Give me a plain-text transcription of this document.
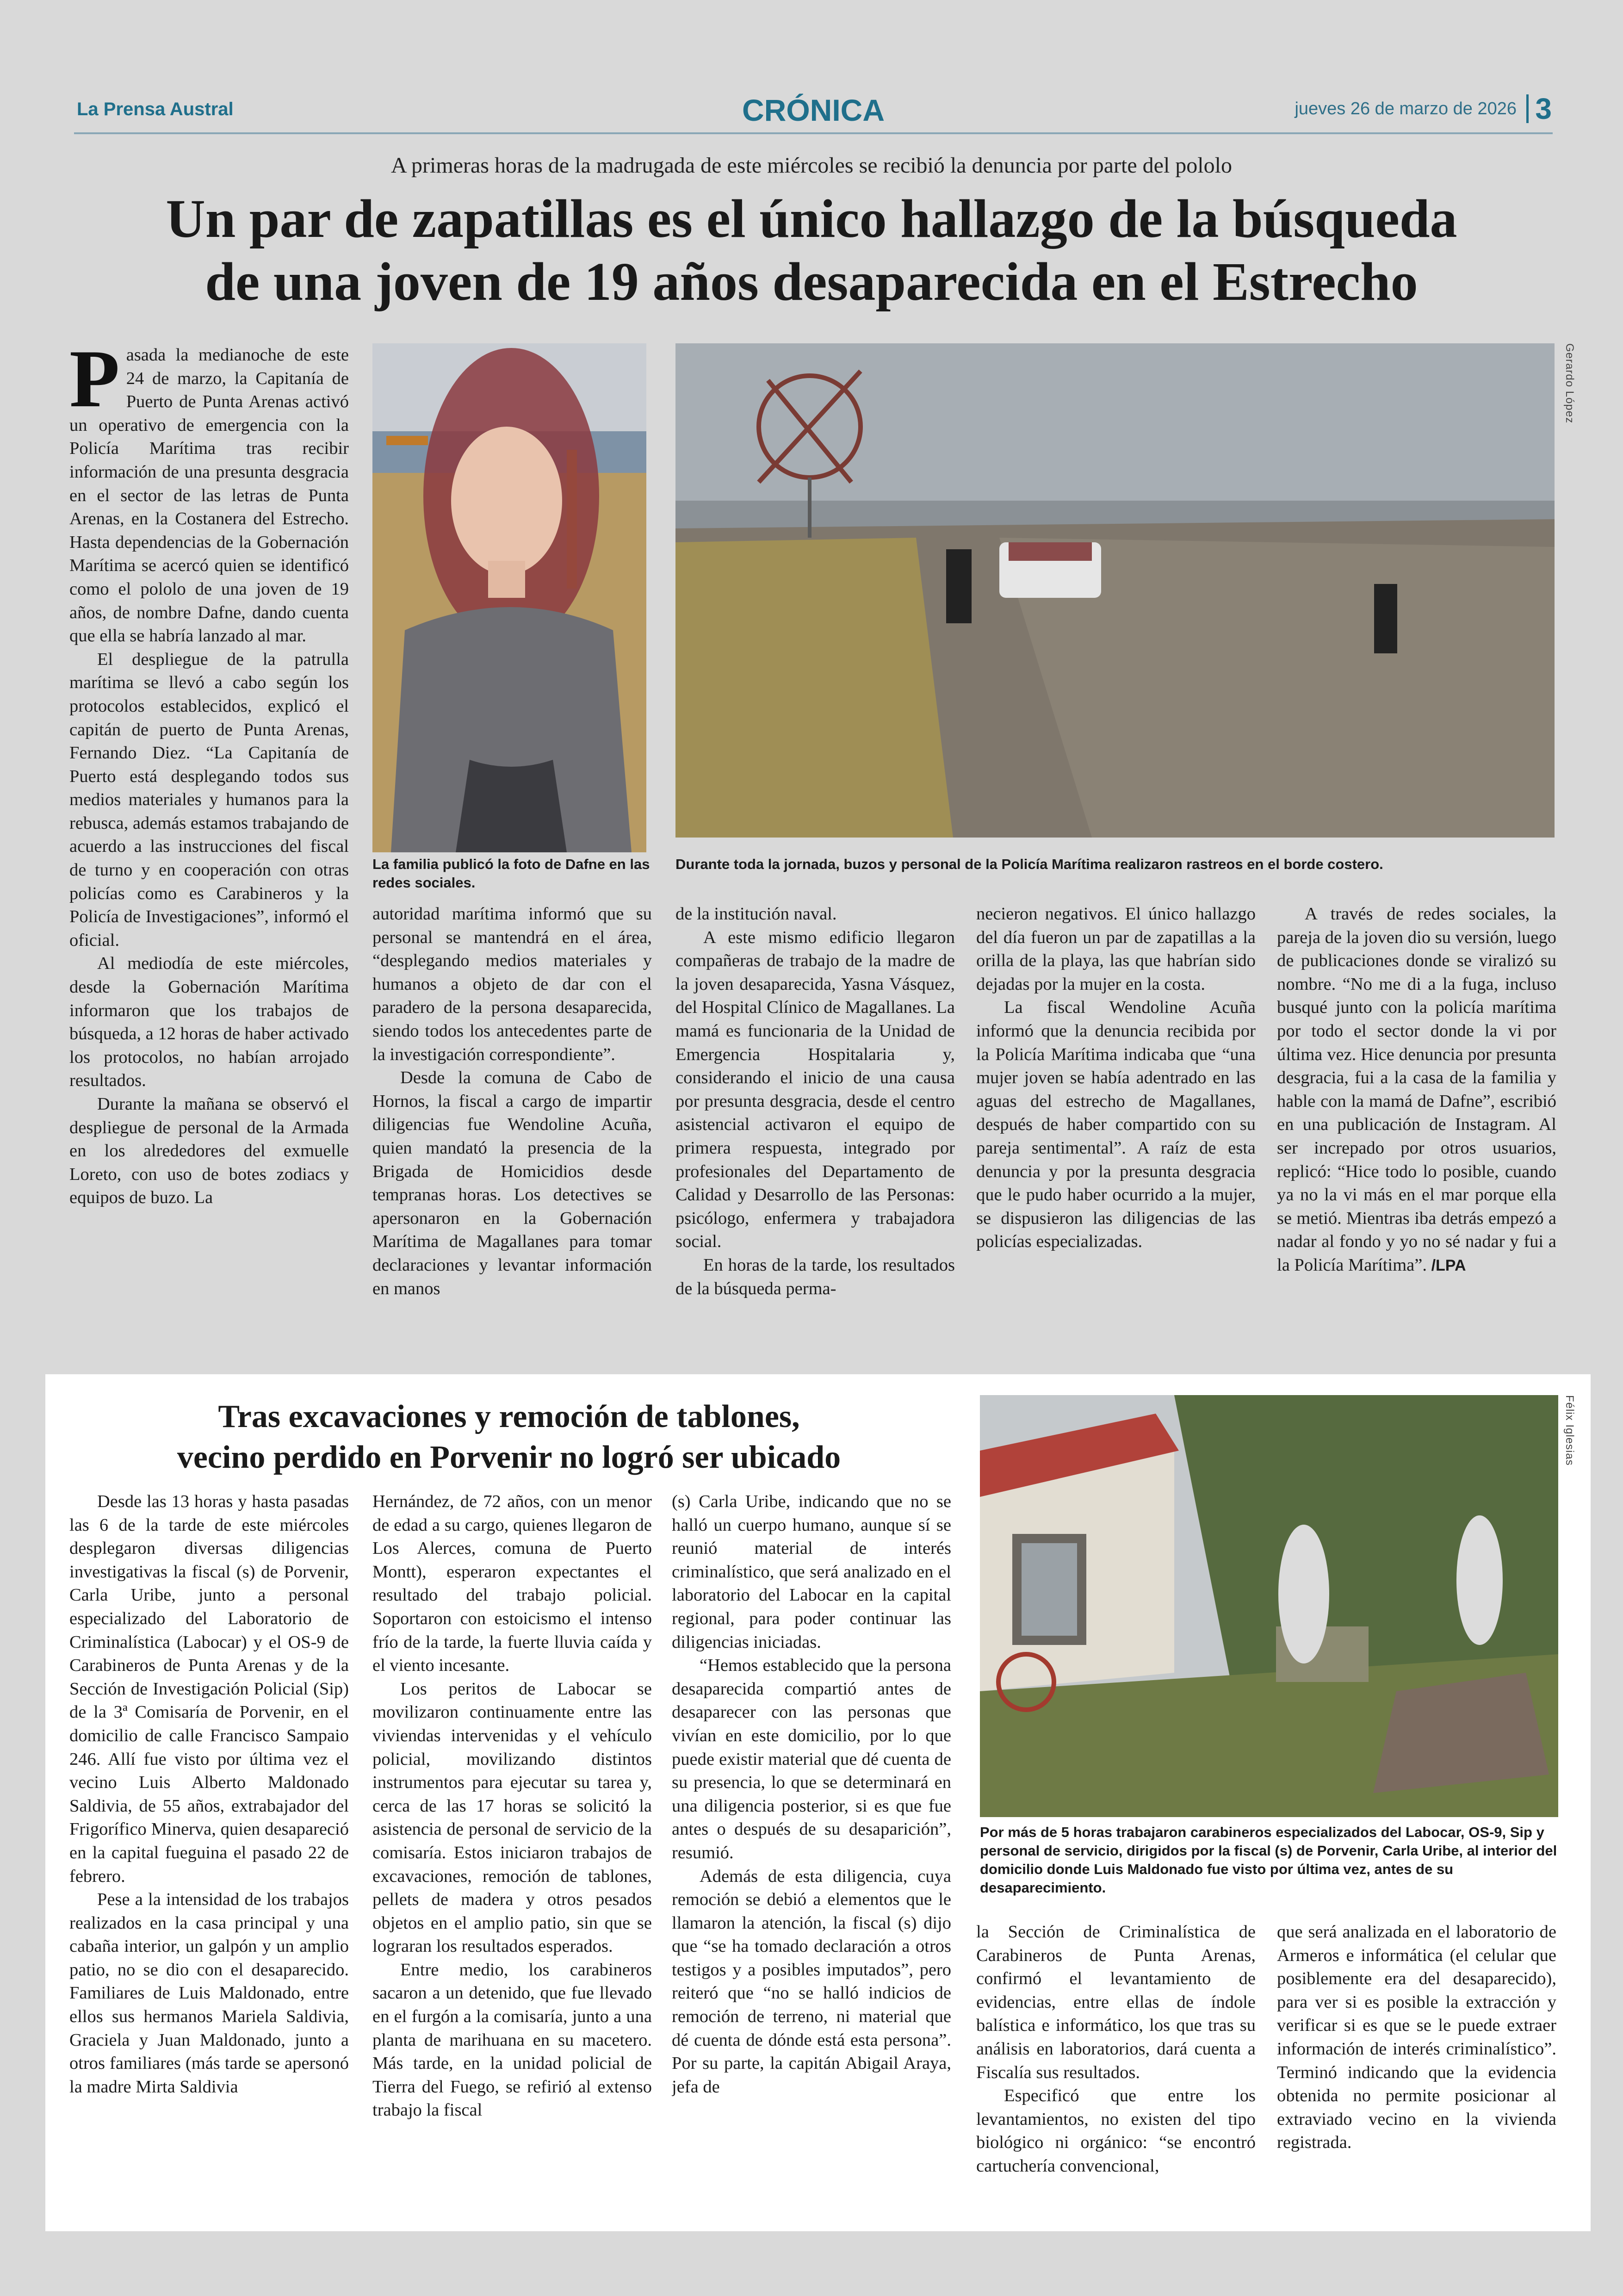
La Prensa Austral	CRÓNICA	jueves 26 de marzo de 2026 3
A primeras horas de la madrugada de este miércoles se recibió la denuncia por parte del pololo
Un par de zapatillas es el único hallazgo de la búsqueda
de una joven de 19 años desaparecida en el Estrecho
La familia publicó la foto de Dafne en las redes sociales.
Gerardo López
Durante toda la jornada, buzos y personal de la Policía Marítima realizaron rastreos en el borde costero.

Pasada la medianoche de este 24 de marzo, la Capitanía de Puerto de Punta Arenas activó un operativo de emergencia con la Policía Marítima tras recibir información de una presunta desgracia en el sector de las letras de Punta Arenas, en la Costanera del Estrecho. Hasta dependencias de la Gobernación Marítima se acercó quien se identificó como el pololo de una joven de 19 años, de nombre Dafne, dando cuenta que ella se habría lanzado al mar.

El despliegue de la patrulla marítima se llevó a cabo según los protocolos establecidos, explicó el capitán de puerto de Punta Arenas, Fernando Diez. “La Capitanía de Puerto está desplegando todos sus medios materiales y humanos para la rebusca, además estamos trabajando de acuerdo a las instrucciones del fiscal de turno y en cooperación con otras policías como es Carabineros y la Policía de Investigaciones”, informó el oficial.

Al mediodía de este miércoles, desde la Gobernación Marítima informaron que los trabajos de búsqueda, a 12 horas de haber activado los protocolos, no habían arrojado resultados.

Durante la mañana se observó el despliegue de personal de la Armada en los alrededores del exmuelle Loreto, con uso de botes zodiacs y equipos de buzo. La

autoridad marítima informó que su personal se mantendrá en el área, “desplegando medios materiales y humanos a objeto de dar con el paradero de la persona desaparecida, siendo todos los antecedentes parte de la investigación correspondiente”.

Desde la comuna de Cabo de Hornos, la fiscal a cargo de impartir diligencias fue Wendoline Acuña, quien mandató la presencia de la Brigada de Homicidios desde tempranas horas. Los detectives se apersonaron en la Gobernación Marítima de Magallanes para tomar declaraciones y levantar información en manos

de la institución naval.

A este mismo edificio llegaron compañeras de trabajo de la madre de la joven desaparecida, Yasna Vásquez, del Hospital Clínico de Magallanes. La mamá es funcionaria de la Unidad de Emergencia Hospitalaria y, considerando el inicio de una causa por presunta desgracia, desde el centro asistencial activaron el equipo de primera respuesta, integrado por profesionales del Departamento de Calidad y Desarrollo de las Personas: psicólogo, enfermera y trabajadora social.

En horas de la tarde, los resultados de la búsqueda perma-

necieron negativos. El único hallazgo del día fueron un par de zapatillas a la orilla de la playa, las que habrían sido dejadas por la mujer en la costa.

La fiscal Wendoline Acuña informó que la denuncia recibida por la Policía Marítima indicaba que “una mujer joven se había adentrado en las aguas del estrecho de Magallanes, después de haber compartido con su pareja sentimental”. A raíz de esta denuncia y por la presunta desgracia que le pudo haber ocurrido a la mujer, se dispusieron las diligencias de las policías especializadas.

A través de redes sociales, la pareja de la joven dio su versión, luego de publicaciones donde se viralizó su nombre. “No me di a la fuga, incluso busqué junto con la policía marítima por todo el sector donde la vi por última vez. Hice denuncia por presunta desgracia, fui a la casa de la familia y hable con la mamá de Dafne”, escribió en una publicación de Instagram. Al ser increpado por otros usuarios, replicó: “Hice todo lo posible, cuando ya no la vi más en el mar porque ella se metió. Mientras iba detrás empezó a nadar al fondo y yo no sé nadar y fui a la Policía Marítima”. /LPA

Tras excavaciones y remoción de tablones,
vecino perdido en Porvenir no logró ser ubicado	Félix Iglesias
Por más de 5 horas trabajaron carabineros especializados del Labocar, OS-9, Sip y personal de servicio, dirigidos por la fiscal (s) de Porvenir, Carla Uribe, al interior del domicilio donde Luis Maldonado fue visto por última vez, antes de su desaparecimiento.

Desde las 13 horas y hasta pasadas las 6 de la tarde de este miércoles desplegaron diversas diligencias investigativas la fiscal (s) de Porvenir, Carla Uribe, junto a personal especializado del Laboratorio de Criminalística (Labocar) y el OS-9 de Carabineros de Punta Arenas y de la Sección de Investigación Policial (Sip) de la 3ª Comisaría de Porvenir, en el domicilio de calle Francisco Sampaio 246. Allí fue visto por última vez el vecino Luis Alberto Maldonado Saldivia, de 55 años, extrabajador del Frigorífico Minerva, quien desapareció en la capital fueguina el pasado 22 de febrero.

Pese a la intensidad de los trabajos realizados en la casa principal y una cabaña interior, un galpón y un amplio patio, no se dio con el desaparecido. Familiares de Luis Maldonado, entre ellos sus hermanos Mariela Saldivia, Graciela y Juan Maldonado, junto a otros familiares (más tarde se apersonó la madre Mirta Saldivia

Hernández, de 72 años, con un menor de edad a su cargo, quienes llegaron de Los Alerces, comuna de Puerto Montt), esperaron expectantes el resultado del trabajo policial. Soportaron con estoicismo el intenso frío de la tarde, la fuerte lluvia caída y el viento incesante.

Los peritos de Labocar se movilizaron continuamente entre las viviendas intervenidas y el vehículo policial, movilizando distintos instrumentos para ejecutar su tarea y, cerca de las 17 horas se solicitó la asistencia de personal de servicio de la comisaría. Estos iniciaron trabajos de excavaciones, remoción de tablones, pellets de madera y otros pesados objetos en el amplio patio, sin que se lograran los resultados esperados.

Entre medio, los carabineros sacaron a un detenido, que fue llevado en el furgón a la comisaría, junto a una planta de marihuana en su macetero. Más tarde, en la unidad policial de Tierra del Fuego, se refirió al extenso trabajo la fiscal

(s) Carla Uribe, indicando que no se halló un cuerpo humano, aunque sí se reunió material de interés criminalístico, que será analizado en el laboratorio del Labocar en la capital regional, para poder continuar las diligencias iniciadas.

“Hemos establecido que la persona desaparecida compartió antes de desaparecer con las personas que vivían en este domicilio, por lo que puede existir material que dé cuenta de su presencia, lo que se determinará en una diligencia posterior, si es que fue antes o después de su desaparición”, resumió.

Además de esta diligencia, cuya remoción se debió a elementos que le llamaron la atención, la fiscal (s) dijo que “se ha tomado declaración a otros testigos y a posibles imputados”, pero reiteró que “no se halló indicios de remoción de terreno, ni material que dé cuenta de dónde está esta persona”. Por su parte, la capitán Abigail Araya, jefa de

la Sección de Criminalística de Carabineros de Punta Arenas, confirmó el levantamiento de evidencias, entre ellas de índole balística e informático, los que tras su análisis en laboratorios, dará cuenta a Fiscalía sus resultados.

Especificó que entre los levantamientos, no existen del tipo biológico ni orgánico: “se encontró cartuchería convencional,

que será analizada en el laboratorio de Armeros e informática (el celular que posiblemente era del desaparecido), para ver si es posible la extracción y verificar si es que se le puede extraer información de interés criminalístico”. Terminó indicando que la evidencia obtenida no permite posicionar al extraviado vecino en la vivienda registrada.
